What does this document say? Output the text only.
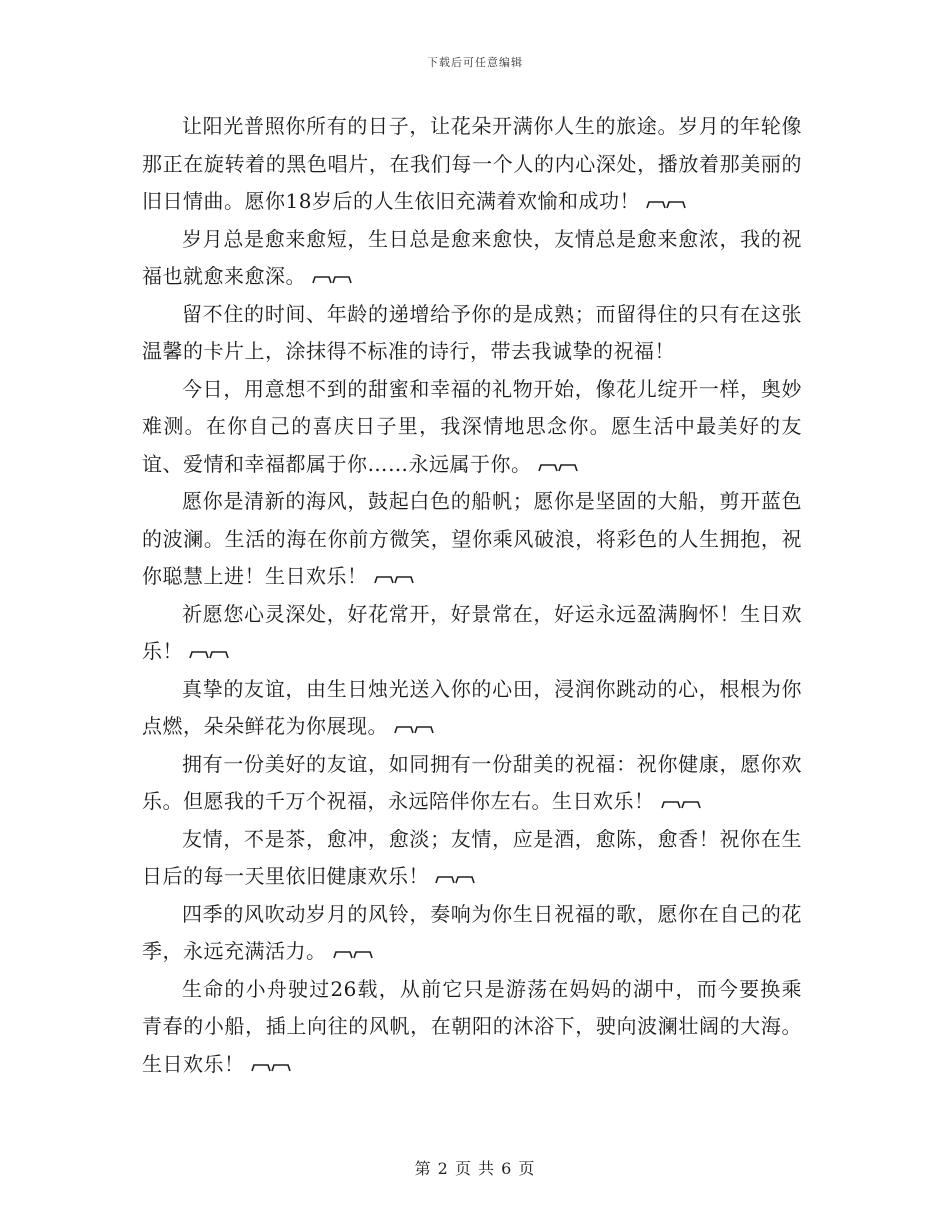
下载后可任意编辑

让阳光普照你所有的日子，让花朵开满你人生的旅途。岁月的年轮像那正在旋转着的黑色唱片，在我们每一个人的内心深处，播放着那美丽的旧日情曲。愿你18岁后的人生依旧充满着欢愉和成功！

岁月总是愈来愈短，生日总是愈来愈快，友情总是愈来愈浓，我的祝福也就愈来愈深。

留不住的时间、年龄的递增给予你的是成熟；而留得住的只有在这张温馨的卡片上，涂抹得不标准的诗行，带去我诚挚的祝福！

今日，用意想不到的甜蜜和幸福的礼物开始，像花儿绽开一样，奥妙难测。在你自己的喜庆日子里，我深情地思念你。愿生活中最美好的友谊、爱情和幸福都属于你……永远属于你。

愿你是清新的海风，鼓起白色的船帆；愿你是坚固的大船，剪开蓝色的波澜。生活的海在你前方微笑，望你乘风破浪，将彩色的人生拥抱，祝你聪慧上进！生日欢乐！

祈愿您心灵深处，好花常开，好景常在，好运永远盈满胸怀！生日欢乐！

真挚的友谊，由生日烛光送入你的心田，浸润你跳动的心，根根为你点燃，朵朵鲜花为你展现。

拥有一份美好的友谊，如同拥有一份甜美的祝福：祝你健康，愿你欢乐。但愿我的千万个祝福，永远陪伴你左右。生日欢乐！

友情，不是茶，愈冲，愈淡；友情，应是酒，愈陈，愈香！祝你在生日后的每一天里依旧健康欢乐！

四季的风吹动岁月的风铃，奏响为你生日祝福的歌，愿你在自己的花季，永远充满活力。

生命的小舟驶过26载，从前它只是游荡在妈妈的湖中，而今要换乘青春的小船，插上向往的风帆，在朝阳的沐浴下，驶向波澜壮阔的大海。生日欢乐！

第 2 页 共 6 页
